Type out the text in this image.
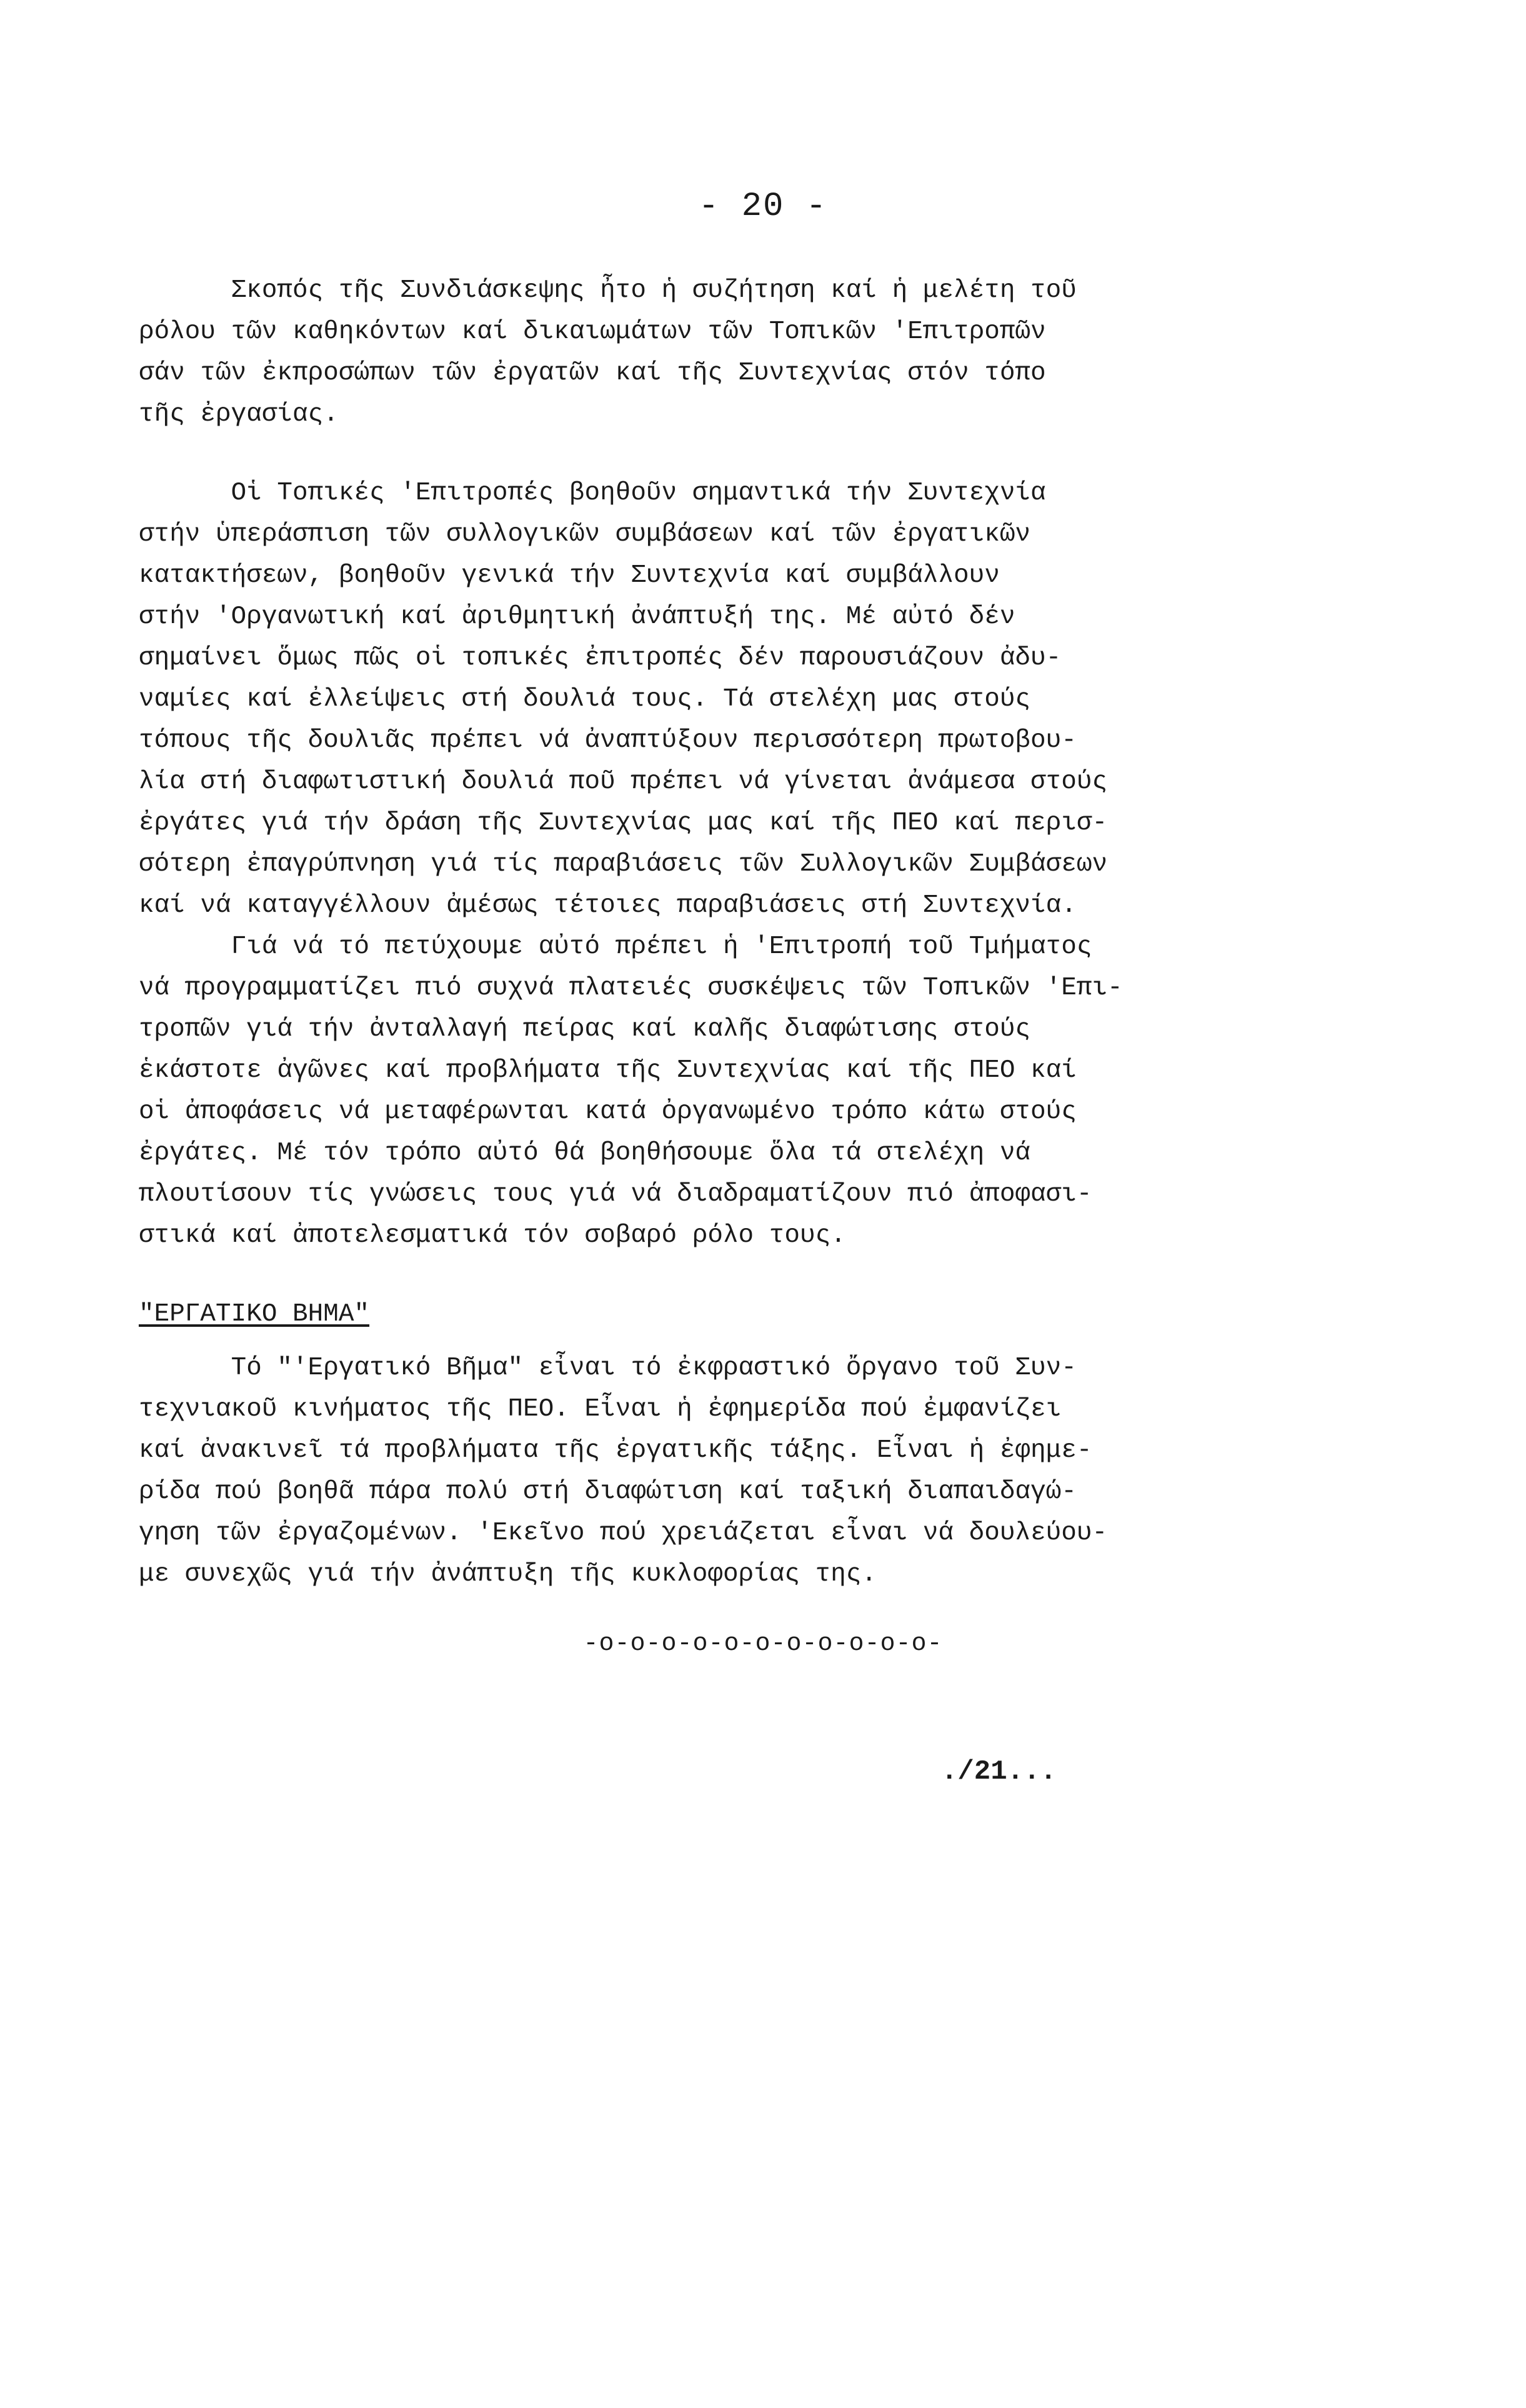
- 20 -

Σκοπός τῆς Συνδιάσκεψης ἦτο ἡ συζήτηση καί ἡ μελέτη τοῦ
ρόλου τῶν καθηκόντων καί δικαιωμάτων τῶν Τοπικῶν 'Επιτροπῶν
σάν τῶν ἐκπροσώπων τῶν ἐργατῶν καί τῆς Συντεχνίας στόν τόπο
τῆς ἐργασίας.

Οἱ Τοπικές 'Επιτροπές βοηθοῦν σημαντικά τήν Συντεχνία
στήν ὑπεράσπιση τῶν συλλογικῶν συμβάσεων καί τῶν ἐργατικῶν
κατακτήσεων, βοηθοῦν γενικά τήν Συντεχνία καί συμβάλλουν
στήν 'Οργανωτική καί ἀριθμητική ἀνάπτυξή της. Μέ αὐτό δέν
σημαίνει ὅμως πῶς οἱ τοπικές ἐπιτροπές δέν παρουσιάζουν ἀδυ-
ναμίες καί ἐλλείψεις στή δουλιά τους. Τά στελέχη μας στούς
τόπους τῆς δουλιᾶς πρέπει νά ἀναπτύξουν περισσότερη πρωτοβου-
λία στή διαφωτιστική δουλιά ποῦ πρέπει νά γίνεται ἀνάμεσα στούς
ἐργάτες γιά τήν δράση τῆς Συντεχνίας μας καί τῆς ΠΕΟ καί περισ-
σότερη ἐπαγρύπνηση γιά τίς παραβιάσεις τῶν Συλλογικῶν Συμβάσεων
καί νά καταγγέλλουν ἀμέσως τέτοιες παραβιάσεις στή Συντεχνία.

Γιά νά τό πετύχουμε αὐτό πρέπει ἡ 'Επιτροπή τοῦ Τμήματος
νά προγραμματίζει πιό συχνά πλατειές συσκέψεις τῶν Τοπικῶν 'Επι-
τροπῶν γιά τήν ἀνταλλαγή πείρας καί καλῆς διαφώτισης στούς
ἑκάστοτε ἀγῶνες καί προβλήματα τῆς Συντεχνίας καί τῆς ΠΕΟ καί
οἱ ἀποφάσεις νά μεταφέρωνται κατά ὀργανωμένο τρόπο κάτω στούς
ἐργάτες. Μέ τόν τρόπο αὐτό θά βοηθήσουμε ὅλα τά στελέχη νά
πλουτίσουν τίς γνώσεις τους γιά νά διαδραματίζουν πιό ἀποφασι-
στικά καί ἀποτελεσματικά τόν σοβαρό ρόλο τους.

"ΕΡΓΑΤΙΚΟ ΒΗΜΑ"

Τό "'Εργατικό Βῆμα" εἶναι τό ἐκφραστικό ὄργανο τοῦ Συν-
τεχνιακοῦ κινήματος τῆς ΠΕΟ. Εἶναι ἡ ἐφημερίδα πού ἐμφανίζει
καί ἀνακινεῖ τά προβλήματα τῆς ἐργατικῆς τάξης. Εἶναι ἡ ἐφημε-
ρίδα πού βοηθᾶ πάρα πολύ στή διαφώτιση καί ταξική διαπαιδαγώ-
γηση τῶν ἐργαζομένων. 'Εκεῖνο πού χρειάζεται εἶναι νά δουλεύου-
με συνεχῶς γιά τήν ἀνάπτυξη τῆς κυκλοφορίας της.

-o-o-o-o-o-o-o-o-o-o-o-
./21...
